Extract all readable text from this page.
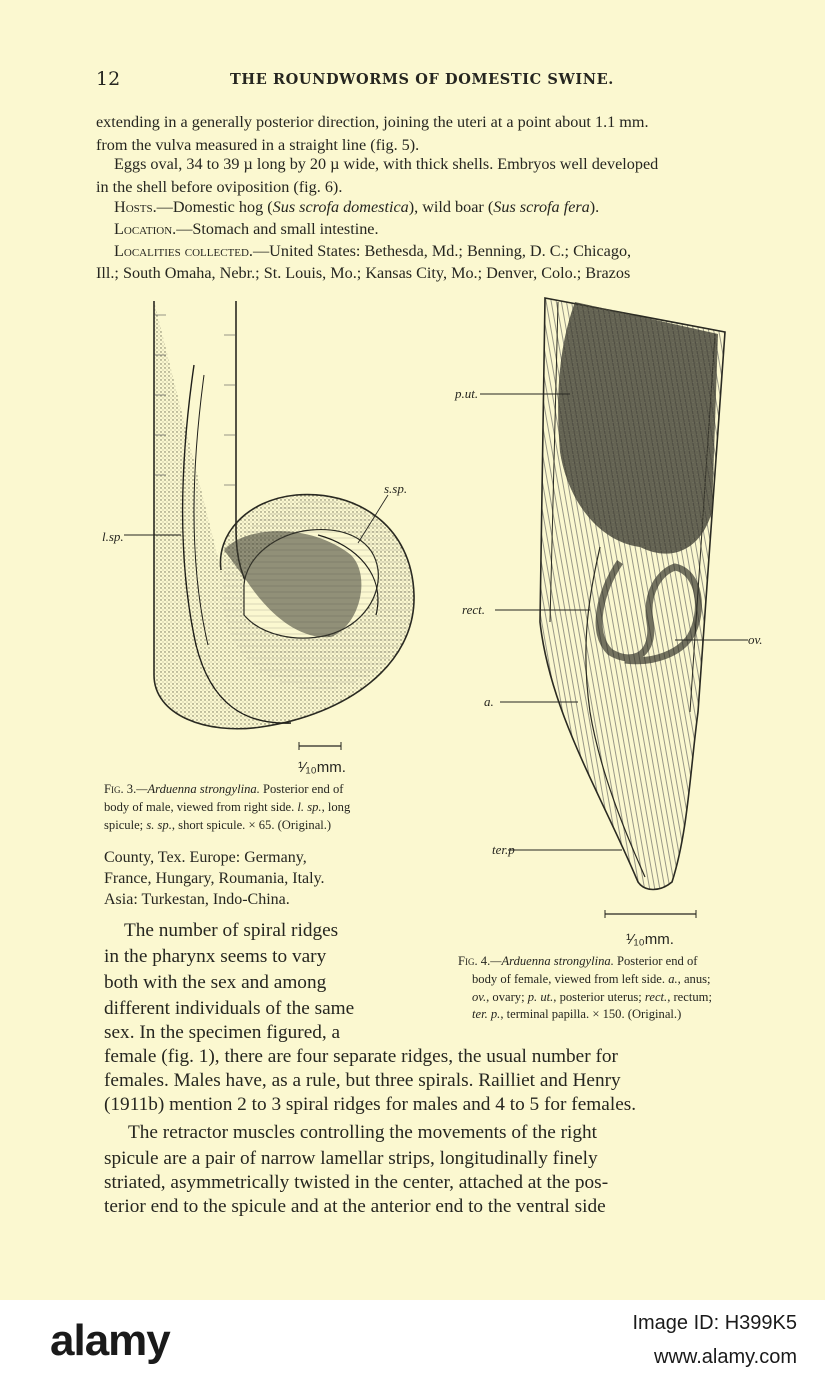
12	THE ROUNDWORMS OF DOMESTIC SWINE.

extending in a generally posterior direction, joining the uteri at a point about 1.1 mm.

from the vulva measured in a straight line (fig. 5).

Eggs oval, 34 to 39 µ long by 20 µ wide, with thick shells. Embryos well developed

in the shell before oviposition (fig. 6).

Hosts.—Domestic hog (Sus scrofa domestica), wild boar (Sus scrofa fera).

Location.—Stomach and small intestine.

Localities collected.—United States: Bethesda, Md.; Benning, D. C.; Chicago,

Ill.; South Omaha, Nebr.; St. Louis, Mo.; Kansas City, Mo.; Denver, Colo.; Brazos

l.sp.
s.sp.
¹⁄₁₀mm.

Fig. 3.—Arduenna strongylina. Posterior end of

body of male, viewed from right side. l. sp., long

spicule; s. sp., short spicule. × 65. (Original.)

County, Tex. Europe: Germany,

France, Hungary, Roumania, Italy.

Asia: Turkestan, Indo-China.

p.ut.
rect.
ov.
a.
ter.p
¹⁄₁₀mm.

Fig. 4.—Arduenna strongylina. Posterior end of

body of female, viewed from left side. a., anus;

ov., ovary; p. ut., posterior uterus; rect., rectum;

ter. p., terminal papilla. × 150. (Original.)

The number of spiral ridges

in the pharynx seems to vary

both with the sex and among

different individuals of the same

sex. In the specimen figured, a

female (fig. 1), there are four separate ridges, the usual number for

females. Males have, as a rule, but three spirals. Railliet and Henry

(1911b) mention 2 to 3 spiral ridges for males and 4 to 5 for females.

The retractor muscles controlling the movements of the right

spicule are a pair of narrow lamellar strips, longitudinally finely

striated, asymmetrically twisted in the center, attached at the pos-

terior end to the spicule and at the anterior end to the ventral side

alamy	Image ID: H399K5
www.alamy.com
